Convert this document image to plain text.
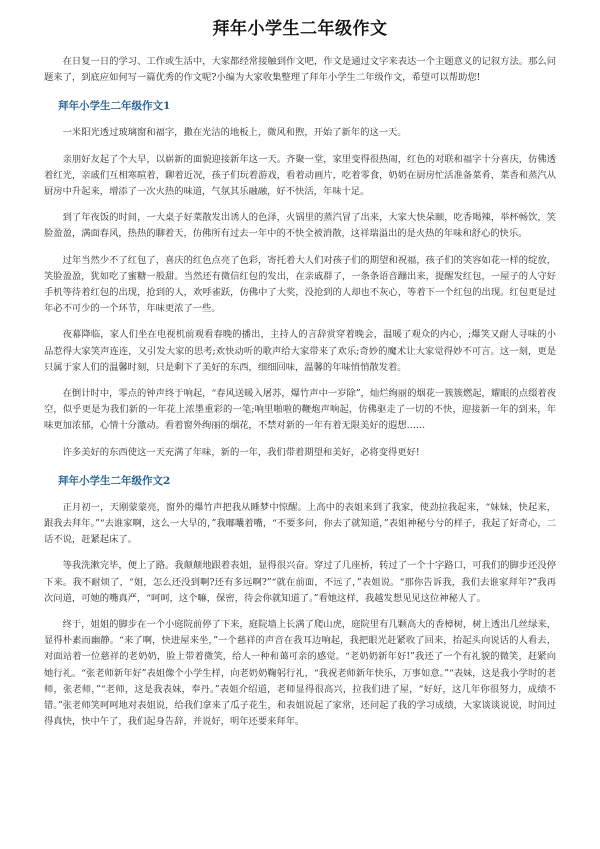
拜年小学生二年级作文

在日复一日的学习、工作或生活中，大家都经常接触到作文吧，作文是通过文字来表达一个主题意义的记叙方法。那么问题来了，到底应如何写一篇优秀的作文呢?小编为大家收集整理了拜年小学生二年级作文，希望可以帮助您!

拜年小学生二年级作文1

一米阳光透过玻璃窗和福字，撒在光洁的地板上，微风和煦，开始了新年的这一天。

亲朋好友起了个大早，以崭新的面貌迎接新年这一天。齐聚一堂，家里变得很热闹，红色的对联和福字十分喜庆，仿佛透着红光，亲戚们互相寒暄着，聊着近况，孩子们玩着游戏，看着动画片，吃着零食，奶奶在厨房忙活准备菜肴，菜香和蒸汽从厨房中升起来，增添了一次火热的味道，气氛其乐融融，好不快活，年味十足。

到了年夜饭的时间，一大桌子好菜散发出诱人的色泽，火锅里的蒸汽冒了出来，大家大快朵颐，吃香喝辣，举杯畅饮，笑脸盈盈，满面春风，热热的聊着天，仿佛所有过去一年中的不快全被消散，这祥瑞溢出的是火热的年味和舒心的快乐。

过年当然少不了红包了，喜庆的红色点亮了色彩，寄托着大人们对孩子们的期望和祝福，孩子们的笑容如花一样的绽放，笑脸盈盈，犹如吃了蜜糖一般甜。当然还有微信红包的发出，在亲戚群了，一条条语音蹦出来，提醒发红包，一屋子的人守好手机等待着红包的出现，抢到的人，欢呼雀跃，仿佛中了大奖，没抢到的人却也不灰心，等着下一个红包的出现。红包更是过年必不可少的一个环节，年味更浓了一些。

夜幕降临，家人们坐在电视机前观看春晚的播出，主持人的言辞赏穿着晚会，温暖了观众的内心，;爆笑又耐人寻味的小品惹得大家笑声连连，又引发大家的思考;欢快动听的歌声给大家带来了欢乐;奇妙的魔术让大家觉得妙不可言。这一刻，更是只属于家人们的温馨时刻，只是剩下了美好的东西，细细回味，温馨的年味悄悄散发着。

在倒计时中，零点的钟声终于响起，“春风送暖入屠苏，爆竹声中一岁除”，灿烂绚丽的烟花一簇簇燃起，耀眼的点缀着夜空，似乎更是为我们新的一年花上浓墨重彩的一笔;响里啪啦的鞭炮声响起，仿佛驱走了一切的不快，迎接新一年的到来，年味更加浓郁，心情十分激动。看着窗外绚丽的烟花，不禁对新的一年有着无限美好的遐想……

许多美好的东西使这一天充满了年味，新的一年，我们带着期望和美好，必将变得更好!

拜年小学生二年级作文2

正月初一，天刚蒙蒙亮，窗外的爆竹声把我从睡梦中惊醒。上高中的表姐来到了我家，使劲拉我起来，“妹妹，快起来，跟我去拜年。”“去谁家啊，这么一大早的，”我嘟囔着嘴，“不要多问，你去了就知道，”表姐神秘兮兮的样子，我起了好奇心，二话不说，赶紧起床了。

等我洗漱完毕，便上了路。我颠颠地跟着表姐，显得很兴奋。穿过了几座桥，转过了一个十字路口，可我们的脚步还没停下来。我不耐烦了，“姐，怎么还没到啊?还有多远啊?”“就在前面，不远了，”表姐说。“那你告诉我，我们去谁家拜年?”我再次问道，可她的嘴真严，“呵呵，这个嘛，保密，待会你就知道了。”看她这样，我越发想见见这位神秘人了。

终于，姐姐的脚步在一个小庭院前停了下来，庭院墙上长满了爬山虎，庭院里有几颗高大的香樟树，树上透出几丝绿来，显得朴素而幽静。“来了啊，快进屋来坐，”一个慈祥的声音在我耳边响起，我把眼光赶紧收了回来，抬起头向说话的人看去，对面站着一位慈祥的老奶奶，脸上带着微笑，给人一种和蔼可亲的感觉。“老奶奶新年好!”我还了一个有礼貌的微笑，赶紧向她行礼。“张老师新年好”表姐像个小学生样，向老奶奶鞠躬行礼，“我祝老师新年快乐，万事如意。”“表妹，这是我小学时的老师，张老师，”“老师，这是我表妹，奉丹。”表姐介绍道，老师显得很高兴，拉我们进了屋，“好好，这几年你很努力，成绩不错。”张老师笑呵呵地对表姐说，给我们拿来了瓜子花生，和表姐说起了家常，还问起了我的学习成绩，大家谈谈说说，时间过得真快，快中午了，我们起身告辞，并说好，明年还要来拜年。
